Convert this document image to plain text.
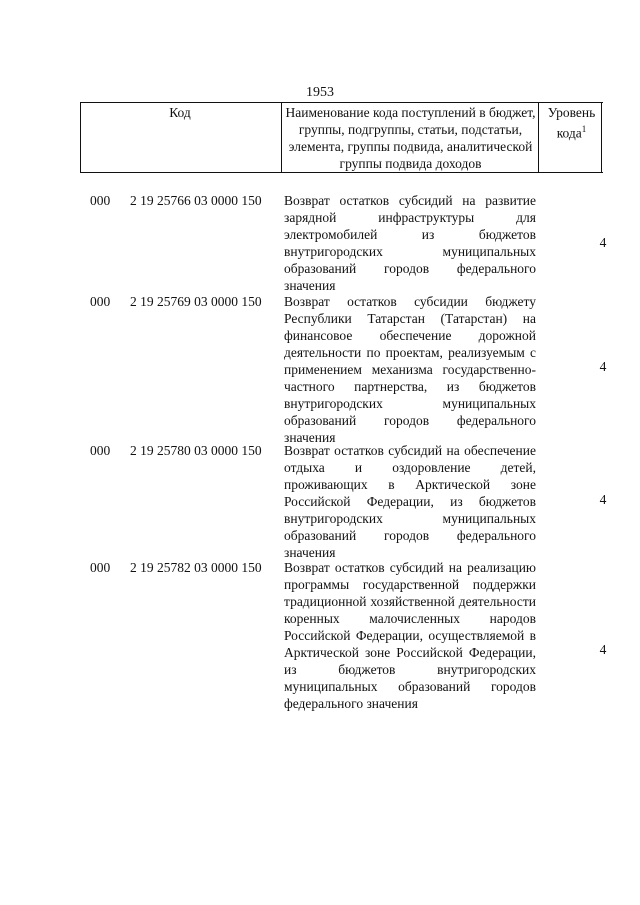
1953
Код	Наименование кода поступлений в бюджет, группы, подгруппы, статьи, подстатьи, элемента, группы подвида, аналитической группы подвида доходов
Уровень кода$^1$
000 2 19 25766 03 0000 150 Возврат остатков субсидий на развитие зарядной инфраструктуры для электромобилей из бюджетов внутригородских муниципальных образований городов федерального значения
4
000 2 19 25769 03 0000 150 Возврат остатков субсидии бюджету Республики Татарстан (Татарстан) на финансовое обеспечение дорожной деятельности по проектам, реализуемым с применением механизма государственно-частного партнерства, из бюджетов внутригородских муниципальных образований городов федерального значения
4
000 2 19 25780 03 0000 150 Возврат остатков субсидий на обеспечение отдыха и оздоровление детей, проживающих в Арктической зоне Российской Федерации, из бюджетов внутригородских муниципальных образований городов федерального значения
4
000 2 19 25782 03 0000 150 Возврат остатков субсидий на реализацию программы государственной поддержки традиционной хозяйственной деятельности коренных малочисленных народов Российской Федерации, осуществляемой в Арктической зоне Российской Федерации, из бюджетов внутригородских муниципальных образований городов федерального значения
4
